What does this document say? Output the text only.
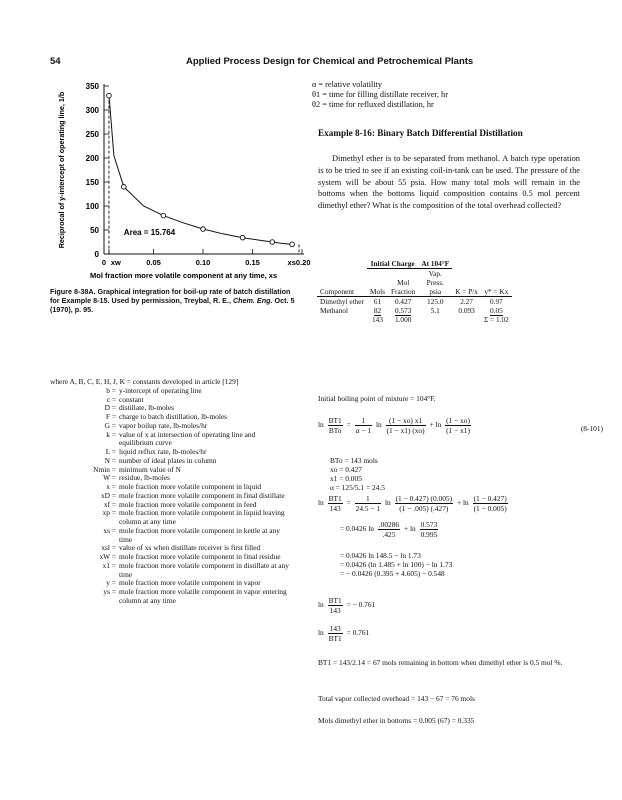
54	Applied Process Design for Chemical and Petrochemical Plants
0
50
100
150
200
250
300
350
0 xw	0.05	0.10	0.15	xs0.20
Reciprocal of y-intercept of operating line, 1/b
Mol fraction more volatile component at any time, xs
Area = 15.764
Figure 8-38A. Graphical integration for boil-up rate of batch distillation for Example 8-15. Used by permission, Treybal, R. E., Chem. Eng. Oct. 5 (1970), p. 95.
α = relative volatility
θ1 = time for filling distillate receiver, hr
θ2 = time for refluxed distillation, hr
Example 8-16: Binary Batch Differential Distillation
Dimethyl ether is to be separated from methanol. A batch type operation is to be tried to see if an existing coil-in-tank can be used. The pressure of the system will be about 55 psia. How many total mols will remain in the bottoms when the bottoms liquid composition contains 0.5 mol percent dimethyl ether? What is the composition of the total overhead collected?
	Initial Charge		At 104°F		
			Vap.		
		Mol	Press.		
Component	Mols	Fraction	psia	K = P/x	y* = Kx
Dimethyl ether	61	0.427	125.0	2.27	0.97
Methanol	82	0.573	5.1	0.093	0.05
	143	1.000			Σ = 1.02
where A, B, C, E, H, J, K = constants developed in article [129]
b = y-intercept of operating line
c = constant
D = distillate, lb-moles
F = charge to batch distillation, lb-moles
G = vapor boilup rate, lb-moles/hr
k = value of x at intersection of operating line and equilibrium curve
L = liquid reflux rate, lb-moles/hr
N = number of ideal plates in column
Nmin = minimum value of N
W = residue, lb-moles
x = mole fraction more volatile component in liquid
xD = mole fraction more volatile component in final distillate
xf = mole fraction more volatile component in feed
xp = mole fraction more volatile component in liquid leaving column at any time
xs = mole fraction more volatile component in kettle at any time
xsl = value of xs when distillate receiver is first filled
xW = mole fraction more volatile component in final residue
x1 = mole fraction more volatile component in distillate at any time
y = mole fraction more volatile component in vapor
ys = mole fraction more volatile component in vapor entering column at any time
Initial boiling point of mixture = 104°F.
$\ln \frac{BT1}{\text{BTo}} = \frac{1}{\alpha - 1}$ $\ln \frac{(1 - xo) x1}{(1 - x1) (xo)} + \ln \frac{(1 - xo)}{(1 - x1)}$	(8-101)
BTo = 143 mols
xo = 0.427
x1 = 0.005
α = 125/5.1 = 24.5
$\ln \frac{BT1}{143} = \frac{1}{24.5 - 1}$ $\ln \frac{(1 - 0.427) (0.005)}{(1 - .005) (.427)} + \ln \frac{(1 - 0.427)}{(1 - 0.005)}$
= 0.0426 $\ln \frac{.00286}{.425} + \ln \frac{0.573}{0.995}$
= 0.0426 ln 148.5 − ln 1.73
= 0.0426 (ln 1.485 + ln 100) − ln 1.73
= − 0.0426 (0.395 + 4.605) − 0.548
$\ln \frac{BT1}{143}$ = − 0.761
$\ln \frac{143}{BT1} = 0.761$
BT1 = 143/2.14 = 67 mols remaining in bottom when dimethyl ether is 0.5 mol %.
Total vapor collected overhead = 143 − 67 = 76 mols
Mols dimethyl ether in bottoms = 0.005 (67) = 0.335
